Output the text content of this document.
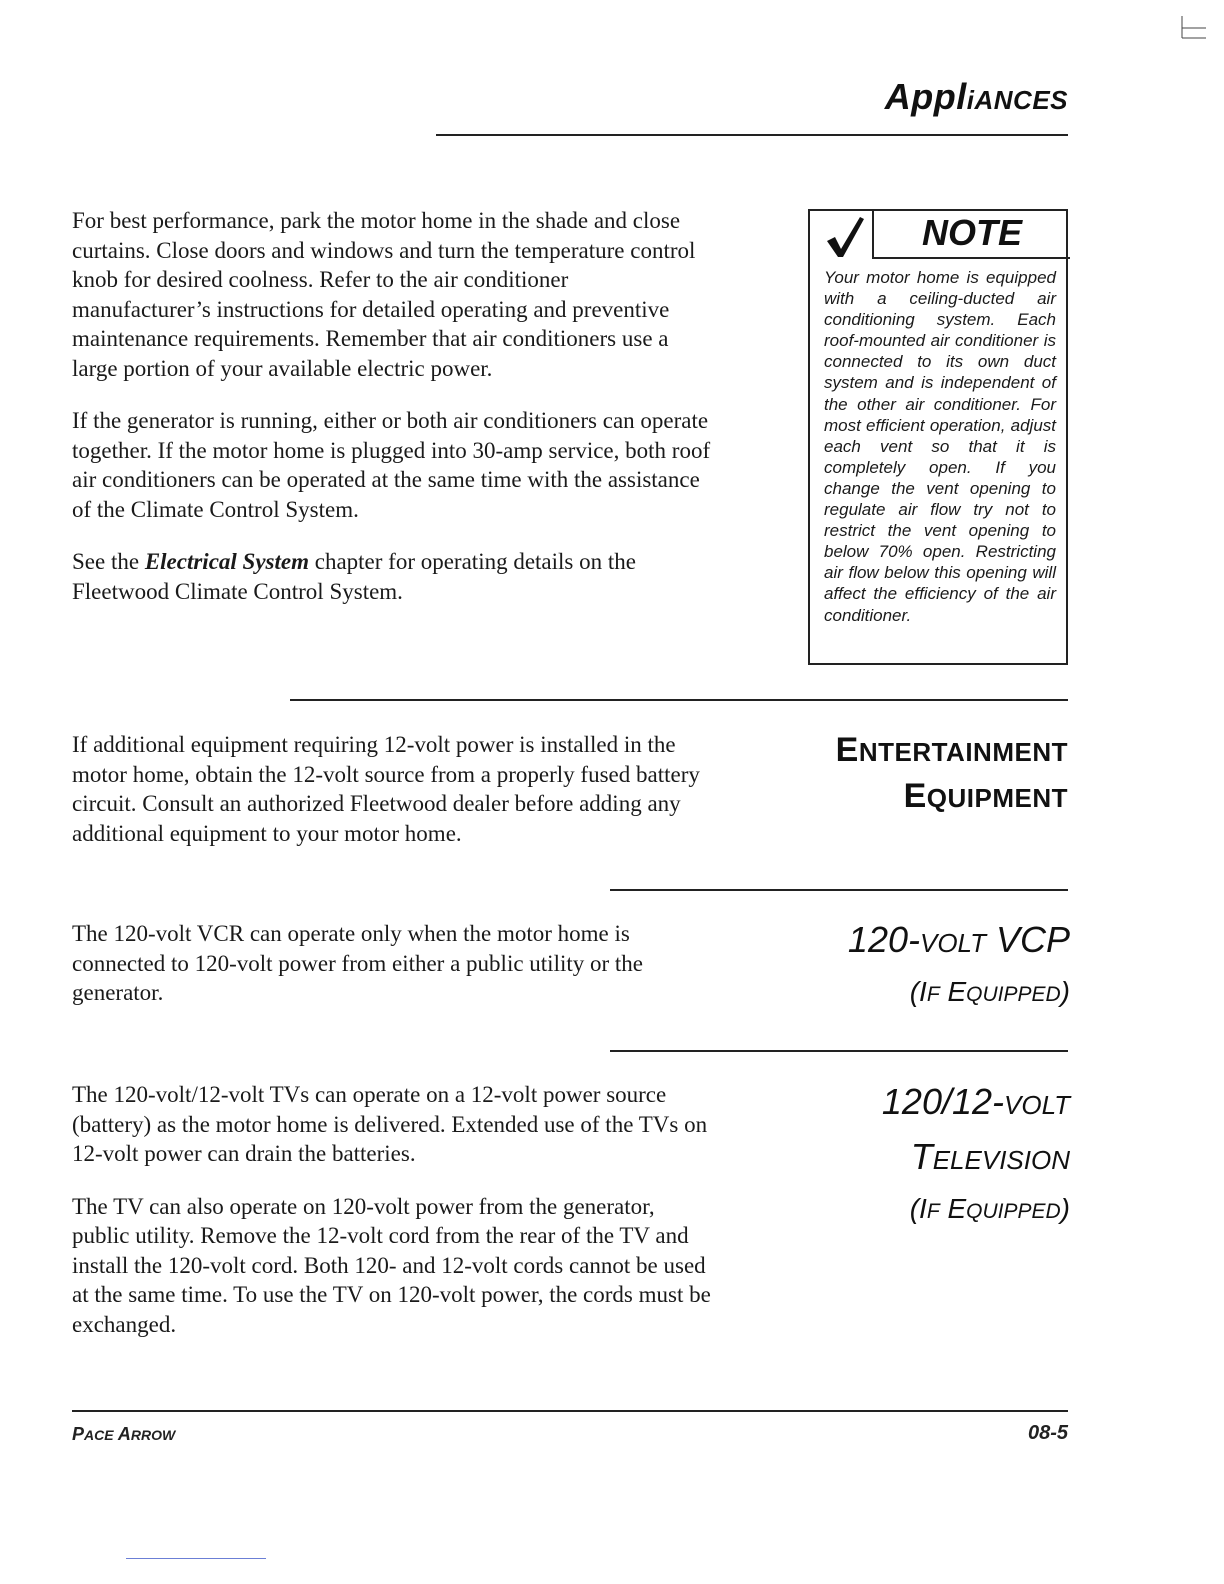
AppliANCES

For best performance, park the motor home in the shade and close curtains. Close doors and windows and turn the temperature control knob for desired coolness. Refer to the air conditioner manufacturer’s instructions for detailed operating and preventive maintenance requirements. Remember that air conditioners use a large portion of your available electric power.

If the generator is running, either or both air conditioners can operate together. If the motor home is plugged into 30-amp service, both roof air conditioners can be operated at the same time with the assistance of the Climate Control System.

See the Electrical System chapter for operating details on the Fleetwood Climate Control System.

NOTE
Your motor home is equipped with a ceiling-ducted air conditioning system. Each roof-mounted air conditioner is connected to its own duct system and is independent of the other air conditioner. For most efficient operation, adjust each vent so that it is completely open. If you change the vent opening to regulate air flow try not to restrict the vent opening to below 70% open. Restricting air flow below this opening will affect the efficiency of the air conditioner.

If additional equipment requiring 12-volt power is installed in the motor home, obtain the 12-volt source from a properly fused battery circuit. Consult an authorized Fleetwood dealer before adding any additional equipment to your motor home.

ENTERTAINMENT
EQUIPMENT

The 120-volt VCR can operate only when the motor home is connected to 120-volt power from either a public utility or the generator.

120-VOLT VCP
(IF EQUIPPED)

The 120-volt/12-volt TVs can operate on a 12-volt power source (battery) as the motor home is delivered. Extended use of the TVs on 12-volt power can drain the batteries.

The TV can also operate on 120-volt power from the generator, public utility. Remove the 12-volt cord from the rear of the TV and install the 120-volt cord. Both 120- and 12-volt cords cannot be used at the same time. To use the TV on 120-volt power, the cords must be exchanged.

120/12-VOLT
TELEVISION
(IF EQUIPPED)
PACE ARROW	08-5
